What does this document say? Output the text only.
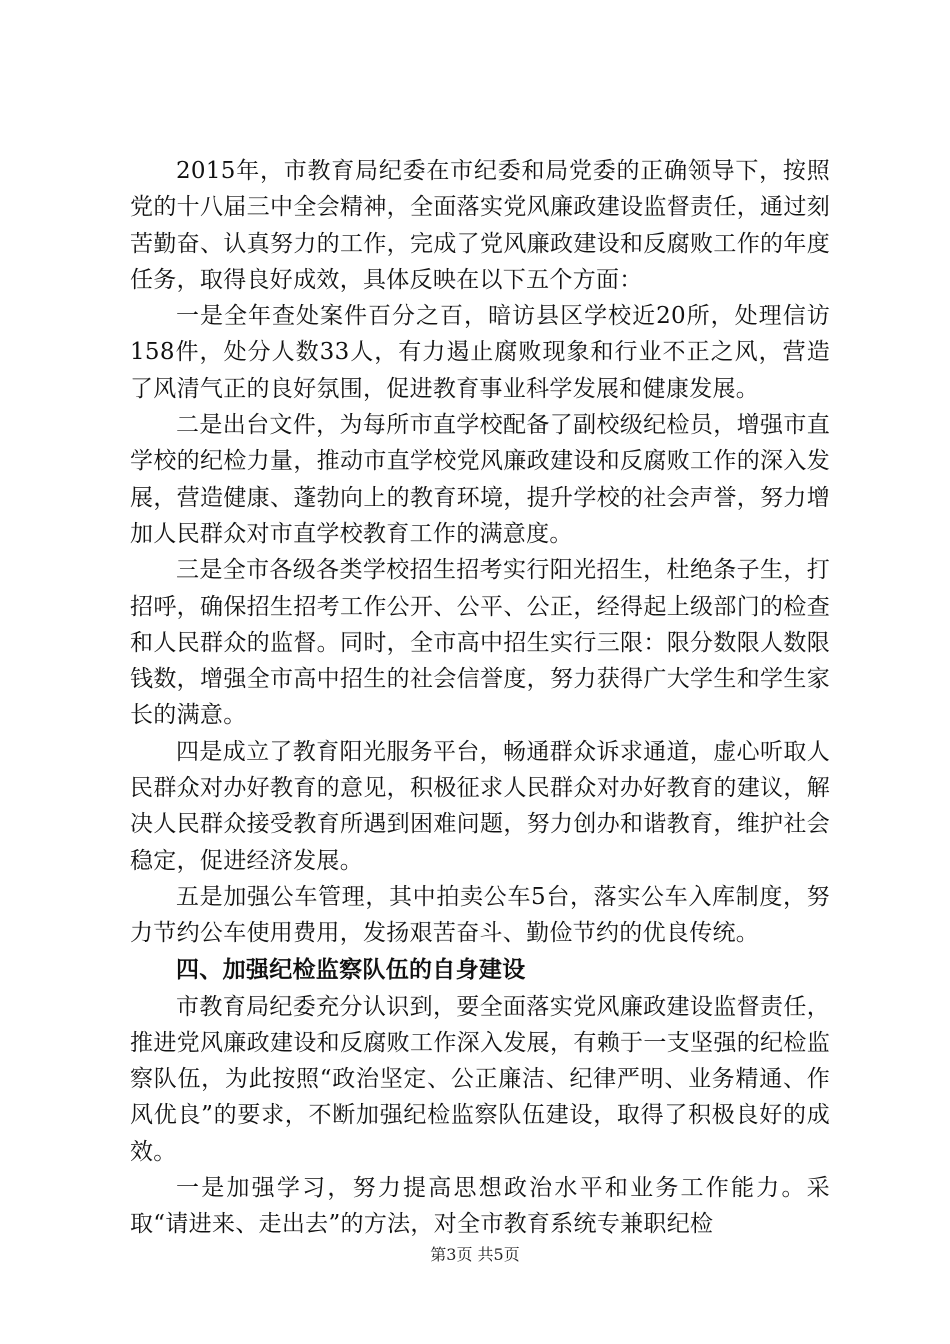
2015年，市教育局纪委在市纪委和局党委的正确领导下，按照党的十八届三中全会精神，全面落实党风廉政建设监督责任，通过刻苦勤奋、认真努力的工作，完成了党风廉政建设和反腐败工作的年度任务，取得良好成效，具体反映在以下五个方面：

一是全年查处案件百分之百，暗访县区学校近20所，处理信访158件，处分人数33人，有力遏止腐败现象和行业不正之风，营造了风清气正的良好氛围，促进教育事业科学发展和健康发展。

二是出台文件，为每所市直学校配备了副校级纪检员，增强市直学校的纪检力量，推动市直学校党风廉政建设和反腐败工作的深入发展，营造健康、蓬勃向上的教育环境，提升学校的社会声誉，努力增加人民群众对市直学校教育工作的满意度。

三是全市各级各类学校招生招考实行阳光招生，杜绝条子生，打招呼，确保招生招考工作公开、公平、公正，经得起上级部门的检查和人民群众的监督。同时，全市高中招生实行三限：限分数限人数限钱数，增强全市高中招生的社会信誉度，努力获得广大学生和学生家长的满意。

四是成立了教育阳光服务平台，畅通群众诉求通道，虚心听取人民群众对办好教育的意见，积极征求人民群众对办好教育的建议，解决人民群众接受教育所遇到困难问题，努力创办和谐教育，维护社会稳定，促进经济发展。

五是加强公车管理，其中拍卖公车5台，落实公车入库制度，努力节约公车使用费用，发扬艰苦奋斗、勤俭节约的优良传统。

四、加强纪检监察队伍的自身建设

市教育局纪委充分认识到，要全面落实党风廉政建设监督责任，推进党风廉政建设和反腐败工作深入发展，有赖于一支坚强的纪检监察队伍，为此按照“政治坚定、公正廉洁、纪律严明、业务精通、作风优良”的要求，不断加强纪检监察队伍建设，取得了积极良好的成效。

一是加强学习，努力提高思想政治水平和业务工作能力。采取“请进来、走出去”的方法，对全市教育系统专兼职纪检

第3页 共5页
